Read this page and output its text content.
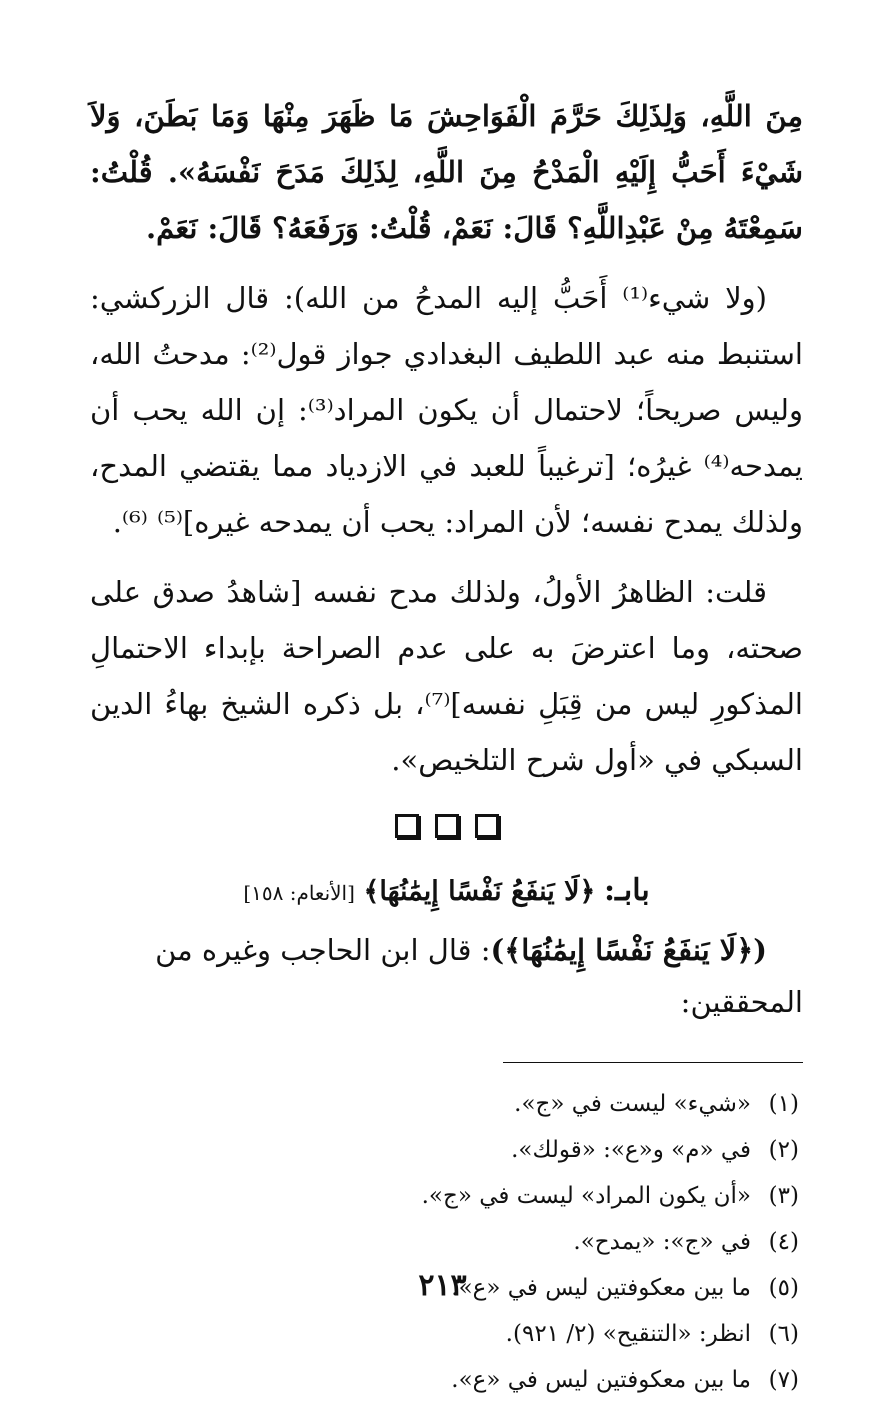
مِنَ اللَّهِ، وَلِذَلِكَ حَرَّمَ الْفَوَاحِشَ مَا ظَهَرَ مِنْهَا وَمَا بَطَنَ، وَلاَ شَيْءَ أَحَبُّ إِلَيْهِ الْمَدْحُ مِنَ اللَّهِ، لِذَلِكَ مَدَحَ نَفْسَهُ». قُلْتُ: سَمِعْتَهُ مِنْ عَبْدِاللَّهِ؟ قَالَ: نَعَمْ، قُلْتُ: وَرَفَعَهُ؟ قَالَ: نَعَمْ.

(ولا شيء⁽¹⁾ أَحَبُّ إليه المدحُ من الله): قال الزركشي: استنبط منه عبد اللطيف البغدادي جواز قول⁽²⁾: مدحتُ الله، وليس صريحاً؛ لاحتمال أن يكون المراد⁽³⁾: إن الله يحب أن يمدحه⁽⁴⁾ غيرُه؛ [ترغيباً للعبد في الازدياد مما يقتضي المدح، ولذلك يمدح نفسه؛ لأن المراد: يحب أن يمدحه غيره]⁽⁵⁾ ⁽⁶⁾.

قلت: الظاهرُ الأولُ، ولذلك مدح نفسه [شاهدُ صدق على صحته، وما اعترضَ به على عدم الصراحة بإبداء الاحتمالِ المذكورِ ليس من قِبَلِ نفسه]⁽⁷⁾، بل ذكره الشيخ بهاءُ الدين السبكي في «أول شرح التلخيص».

بابـ: ﴿لَا يَنفَعُ نَفْسًا إِيمَٰنُهَا﴾ [الأنعام: ١٥٨]

(﴿لَا يَنفَعُ نَفْسًا إِيمَٰنُهَا﴾): قال ابن الحاجب وغيره من المحققين:

(١)«شيء» ليست في «ج».
(٢)في «م» و«ع»: «قولك».
(٣)«أن يكون المراد» ليست في «ج».
(٤)في «ج»: «يمدح».
(٥)ما بين معكوفتين ليس في «ع».
(٦)انظر: «التنقيح» (٢/ ٩٢١).
(٧)ما بين معكوفتين ليس في «ع».
٢١٣
